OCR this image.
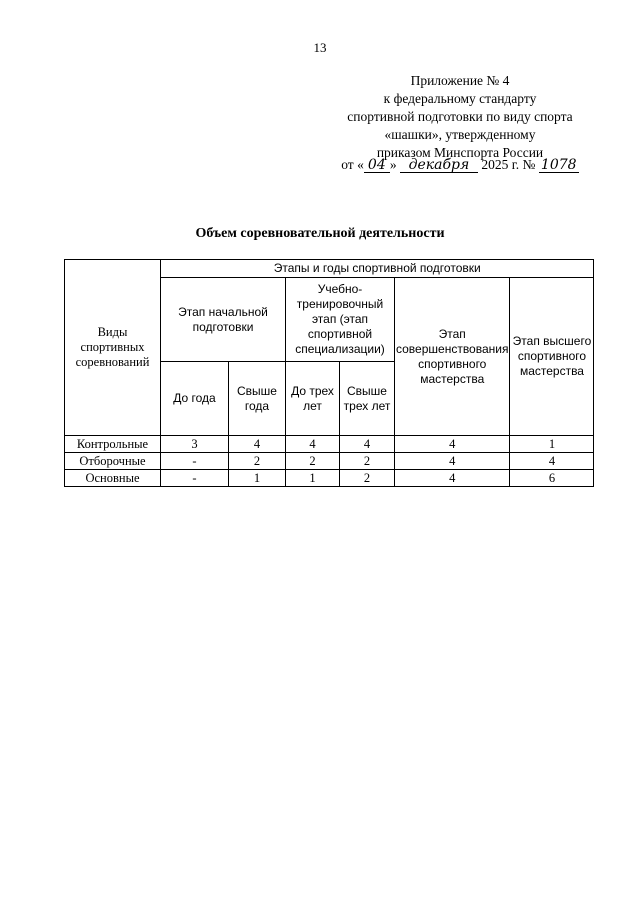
13
Приложение № 4
к федеральному стандарту
спортивной подготовки по виду спорта
«шашки», утвержденному
приказом Минспорта России
от « 04 » декабря 2025 г. № 1078
Объем соревновательной деятельности
Виды спортивных соревнований	Этапы и годы спортивной подготовки					
	Этап начальной подготовки		Учебно-тренировочный этап (этап спортивной специализации)		Этап совершенствования спортивного мастерства	Этап высшего спортивного мастерства
	До года	Свыше года	До трех лет	Свыше трех лет		
Контрольные	3	4	4	4	4	1
Отборочные	-	2	2	2	4	4
Основные	-	1	1	2	4	6
